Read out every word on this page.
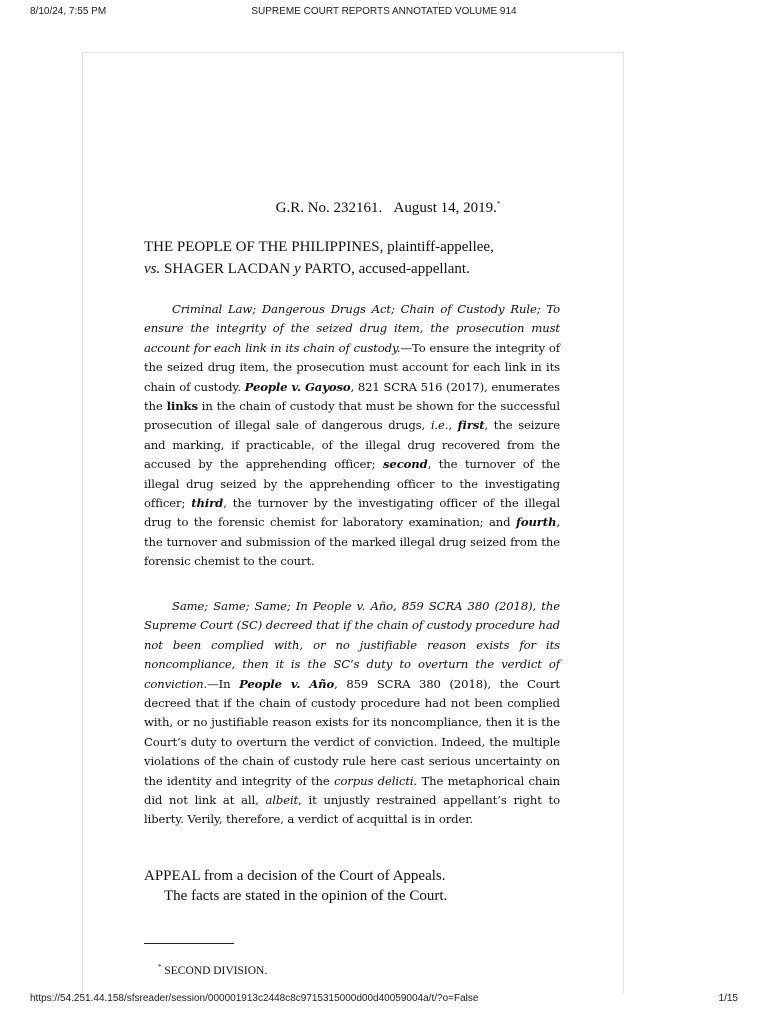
8/10/24, 7:55 PM	SUPREME COURT REPORTS ANNOTATED VOLUME 914
G.R. No. 232161. August 14, 2019.*
THE PEOPLE OF THE PHILIPPINES, plaintiff-appellee,
vs. SHAGER LACDAN y PARTO, accused-appellant.

Criminal Law; Dangerous Drugs Act; Chain of Custody Rule; To ensure the integrity of the seized drug item, the prosecution must account for each link in its chain of custody.—To ensure the integrity of the seized drug item, the prosecution must account for each link in its chain of custody. People v. Gayoso, 821 SCRA 516 (2017), enumerates the links in the chain of custody that must be shown for the successful prosecution of illegal sale of dangerous drugs, i.e., first, the seizure and marking, if practicable, of the illegal drug recovered from the accused by the apprehending officer; second, the turnover of the illegal drug seized by the apprehending officer to the investigating officer; third, the turnover by the investigating officer of the illegal drug to the forensic chemist for laboratory examination; and fourth, the turnover and submission of the marked illegal drug seized from the forensic chemist to the court.

Same; Same; Same; In People v. Año, 859 SCRA 380 (2018), the Supreme Court (SC) decreed that if the chain of custody procedure had not been complied with, or no justifiable reason exists for its noncompliance, then it is the SC’s duty to overturn the verdict of conviction.—In People v. Año, 859 SCRA 380 (2018), the Court decreed that if the chain of custody procedure had not been complied with, or no justifiable reason exists for its noncompliance, then it is the Court’s duty to overturn the verdict of conviction. Indeed, the multiple violations of the chain of custody rule here cast serious uncertainty on the identity and integrity of the corpus delicti. The metaphorical chain did not link at all, albeit, it unjustly restrained appellant’s right to liberty. Verily, therefore, a verdict of acquittal is in order.

APPEAL from a decision of the Court of Appeals.

The facts are stated in the opinion of the Court.

* SECOND DIVISION.
https://54.251.44.158/sfsreader/session/000001913c2448c8c9715315000d00d40059004a/t/?o=False	1/15
